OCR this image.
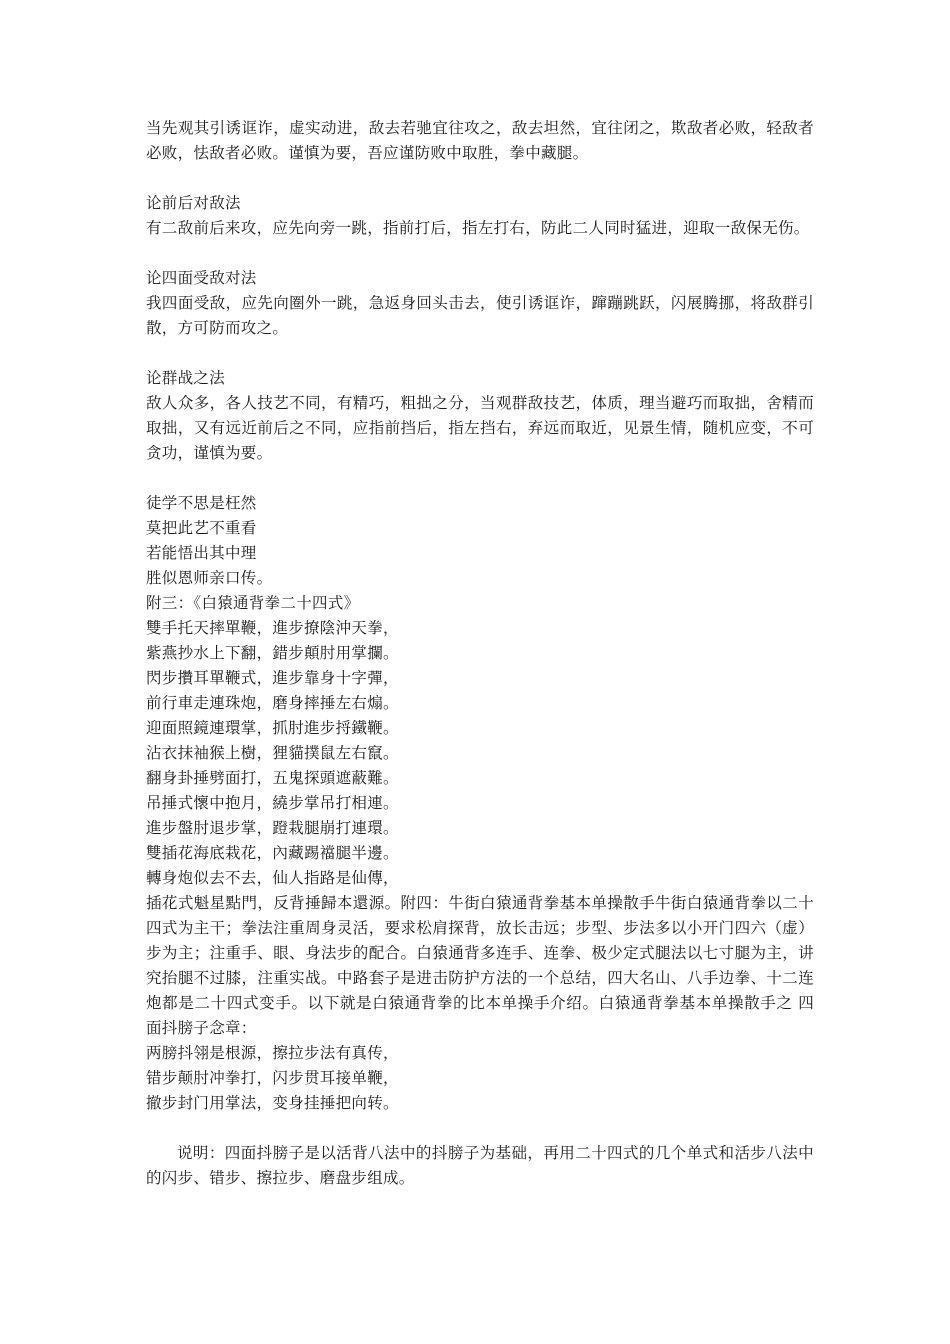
当先观其引诱诓诈，虚实动进，敌去若驰宜往攻之，敌去坦然，宜往闭之，欺敌者必败，轻敌者必败，怯敌者必败。谨慎为要，吾应谨防败中取胜，拳中藏腿。

论前后对敌法

有二敌前后来攻，应先向旁一跳，指前打后，指左打右，防此二人同时猛进，迎取一敌保无伤。

论四面受敌对法

我四面受敌，应先向圈外一跳，急返身回头击去，使引诱诓诈，蹿蹦跳跃，闪展腾挪，将敌群引散，方可防而攻之。

论群战之法

敌人众多，各人技艺不同，有精巧，粗拙之分，当观群敌技艺，体质，理当避巧而取拙，舍精而取拙，又有远近前后之不同，应指前挡后，指左挡右，弃远而取近，见景生情，随机应变，不可贪功，谨慎为要。

徒学不思是枉然

莫把此艺不重看

若能悟出其中理

胜似恩师亲口传。

附三：《白猿通背拳二十四式》

雙手托天摔單鞭，進步撩陰沖天拳，

紫燕抄水上下翻，錯步顛肘用掌攔。

閃步攢耳單鞭式，進步靠身十字彈，

前行車走連珠炮，磨身摔捶左右煽。

迎面照鏡連環掌，抓肘進步捋鐵鞭。

沾衣抹袖猴上樹，狸貓撲鼠左右竄。

翻身卦捶劈面打，五鬼探頭遮蔽難。

吊捶式懷中抱月，繞步掌吊打相連。

進步盤肘退步掌，蹬栽腿崩打連環。

雙插花海底栽花，內藏踢襠腿半邊。

轉身炮似去不去，仙人指路是仙傳，

插花式魁星點門，反背捶歸本還源。附四：牛街白猿通背拳基本单操散手牛街白猿通背拳以二十四式为主干；拳法注重周身灵活，要求松肩探背，放长击远；步型、步法多以小开门四六（虚）步为主；注重手、眼、身法步的配合。白猿通背多连手、连拳、极少定式腿法以七寸腿为主，讲究抬腿不过膝，注重实战。中路套子是进击防护方法的一个总结，四大名山、八手边拳、十二连炮都是二十四式变手。以下就是白猿通背拳的比本单操手介绍。白猿通背拳基本单操散手之 四面抖膀子念章：

两膀抖翎是根源，擦拉步法有真传，

错步颠肘冲拳打，闪步贯耳接单鞭，

撤步封门用掌法，变身挂捶把向转。

说明：四面抖膀子是以活背八法中的抖膀子为基础，再用二十四式的几个单式和活步八法中的闪步、错步、擦拉步、磨盘步组成。
